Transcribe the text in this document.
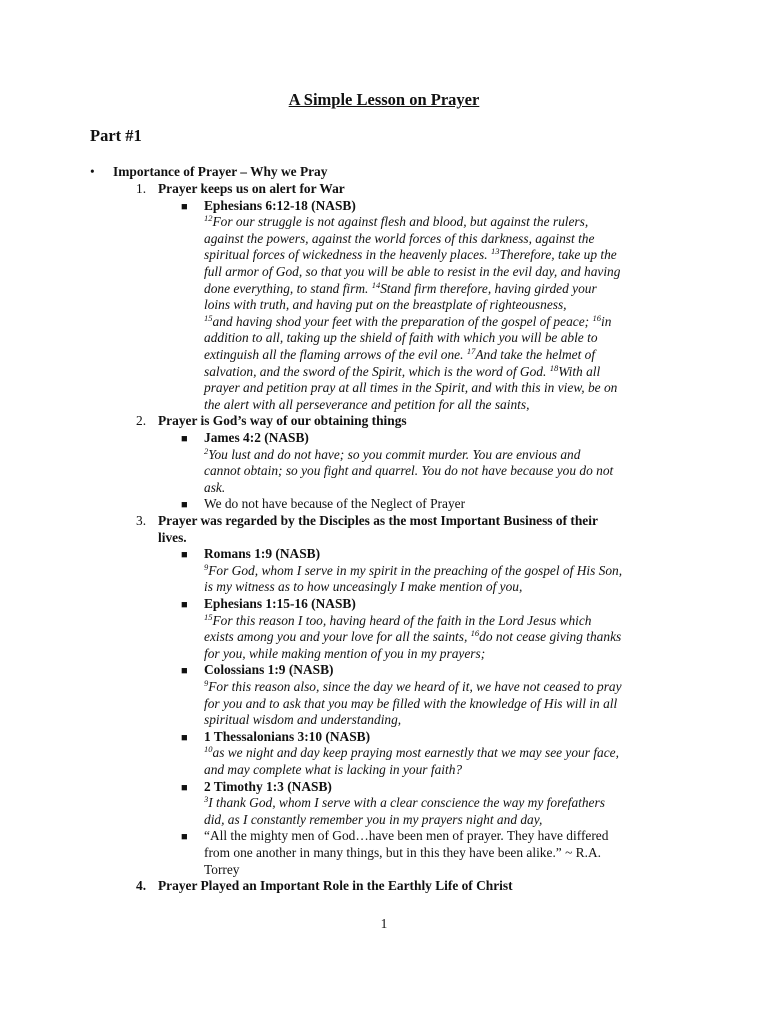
A Simple Lesson on Prayer
Part #1
• Importance of Prayer – Why we Pray
1. Prayer keeps us on alert for War
■ Ephesians 6:12-18 (NASB)
$^{12}$For our struggle is not against flesh and blood, but against the rulers,
against the powers, against the world forces of this darkness, against the
spiritual forces of wickedness in the heavenly places. $^{13}$Therefore, take up the
full armor of God, so that you will be able to resist in the evil day, and having
done everything, to stand firm. $^{14}$Stand firm therefore, having girded your
loins with truth, and having put on the breastplate of righteousness,
$^{15}$and having shod your feet with the preparation of the gospel of peace; $^{16}$in
addition to all, taking up the shield of faith with which you will be able to
extinguish all the flaming arrows of the evil one. $^{17}$And take the helmet of
salvation, and the sword of the Spirit, which is the word of God. $^{18}$With all
prayer and petition pray at all times in the Spirit, and with this in view, be on
the alert with all perseverance and petition for all the saints,
2. Prayer is God’s way of our obtaining things
■ James 4:2 (NASB)
$^2$You lust and do not have; so you commit murder. You are envious and
cannot obtain; so you fight and quarrel. You do not have because you do not
ask.
■ We do not have because of the Neglect of Prayer
3. Prayer was regarded by the Disciples as the most Important Business of their
lives.
■ Romans 1:9 (NASB)
$^9$For God, whom I serve in my spirit in the preaching of the gospel of His Son,
is my witness as to how unceasingly I make mention of you,
■ Ephesians 1:15-16 (NASB)
$^{15}$For this reason I too, having heard of the faith in the Lord Jesus which
exists among you and your love for all the saints, $^{16}$do not cease giving thanks
for you, while making mention of you in my prayers;
■ Colossians 1:9 (NASB)
$^9$For this reason also, since the day we heard of it, we have not ceased to pray
for you and to ask that you may be filled with the knowledge of His will in all
spiritual wisdom and understanding,
■ 1 Thessalonians 3:10 (NASB)
$^{10}$as we night and day keep praying most earnestly that we may see your face,
and may complete what is lacking in your faith?
■ 2 Timothy 1:3 (NASB)
$^3$I thank God, whom I serve with a clear conscience the way my forefathers
did, as I constantly remember you in my prayers night and day,
■ “All the mighty men of God…have been men of prayer. They have differed
from one another in many things, but in this they have been alike.” ~ R.A.
Torrey
4. Prayer Played an Important Role in the Earthly Life of Christ
1
